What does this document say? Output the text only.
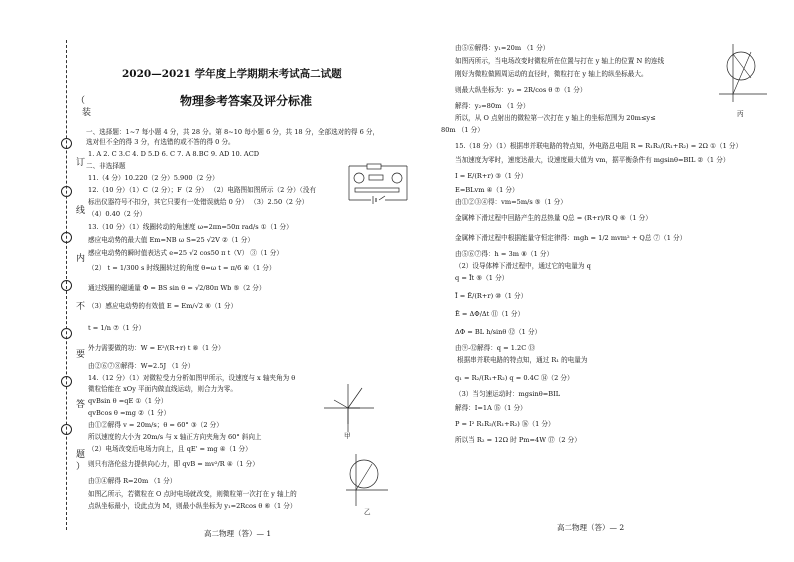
（
装
订
线
内
不
要
答
题
）
2020—2021 学年度上学期期末考试高二试题
物理参考答案及评分标准
一、选择题：1~7 每小题 4 分，共 28 分。第 8~10 每小题 6 分，共 18 分，全部选对的得 6 分，
选对但不全的得 3 分，有选错的或不答的得 0 分。
1. A 2. C 3.C 4. D 5.D 6. C 7. A 8.BC 9. AD 10. ACD
二、非选择题
11.（4 分）10.220（2 分）5.900（2 分）
12.（10 分）（1）C（2 分）；F（2 分） （2）电路图如图所示（2 分）（没有
标出仪器符号不扣分，其它只要有一处错误就给 0 分） （3）2.50（2 分）
（4）0.40（2 分）
13.（10 分）（1）线圈转动的角速度 ω=2πn=50π rad/s ①（1 分）
感应电动势的最大值 Em=NB ω S=25 √2V ②（1 分）
感应电动势的瞬时值表达式 e=25 √2 cos50 π t（V） ③（1 分）
（2） t = 1/300 s 时线圈转过的角度 θ=ω t = π/6 ④（1 分）
通过线圈的磁通量 Φ = BS sin θ = √2/80π Wb ⑤（2 分）
（3）感应电动势的有效值 E = Em/√2 ⑥（1 分）
t = 1/n ⑦（1 分）
外力需要做的功：W = E²/(R+r) t ⑧（1 分）
由②⑥⑦⑧解得：W=2.5J （1 分）
14.（12 分）（1）对微粒受力分析如图甲所示，设速度与 x 轴夹角为 θ
微粒恰能在 xOy 平面内做直线运动，则合力为零。
qvBsin θ =qE ①（1 分）
qvBcos θ =mg ②（1 分）
由①②解得 v = 20m/s；θ = 60° ③（2 分）
所以速度的大小为 20m/s 与 x 轴正方向夹角为 60° 斜向上
（2）电场改变后电场力向上，且 qE' = mg ④（1 分）
则只有洛伦兹力提供向心力，即 qvB = mv²/R ④（1 分）
由③④解得 R=20m （1 分）
如图乙所示，若微粒在 O 点时电场就改变，则微粒第一次打在 y 轴上的
点纵坐标最小，设此点为 M，则最小纵坐标为 y₁=2Rcos θ ⑥（1 分）
甲
乙
高二物理（答）— 1
由⑤⑥解得：y₁=20m （1 分）
如图丙所示，当电场改变时微粒所在位置与打在 y 轴上的位置 N 的连线
刚好为微粒做圆周运动的直径时，微粒打在 y 轴上的纵坐标最大。
则最大纵坐标为：y₂ = 2R/cos θ ⑦（1 分）
解得：y₂=80m （1 分）
所以，从 O 点射出的微粒第一次打在 y 轴上的坐标范围为 20m≤y≤
80m （1 分）
15.（18 分）（1）根据串并联电路的特点知，外电路总电阻 R = R₁R₂/(R₁+R₂) = 2Ω ①（1 分）
当加速度为零时，速度达最大，设速度最大值为 vm，据平衡条件有 mgsinθ=BIL ②（1 分）
I = E/(R+r) ③（1 分）
E=BLvm ④（1 分）
由①②③④得：vm=5m/s ⑤（1 分）
金属棒下滑过程中回路产生的总热量 Q总 = (R+r)/R Q ⑥（1 分）
金属棒下滑过程中根据能量守恒定律得：mgh = 1/2 mvm² + Q总 ⑦（1 分）
由⑤⑥⑦得：h = 3m ⑧（1 分）
（2）设导体棒下滑过程中，通过它的电量为 q
q = Īt ⑨（1 分）
Ī = Ē/(R+r) ⑩（1 分）
Ē = ΔΦ/Δt ⑪（1 分）
ΔΦ = BL h/sinθ ⑫（1 分）
由⑨-⑫解得：q = 1.2C ⑬
根据串并联电路的特点知，通过 R₁ 的电量为
q₁ = R₂/(R₁+R₂) q = 0.4C ⑭（2 分）
（3）当匀速运动时：mgsinθ=BIL
解得：I=1A ⑮（1 分）
P = I² R₁R₂/(R₁+R₂) ⑯（1 分）
所以当 R₂ = 12Ω 时 Pm=4W ⑰（2 分）
丙
高二物理（答）— 2
